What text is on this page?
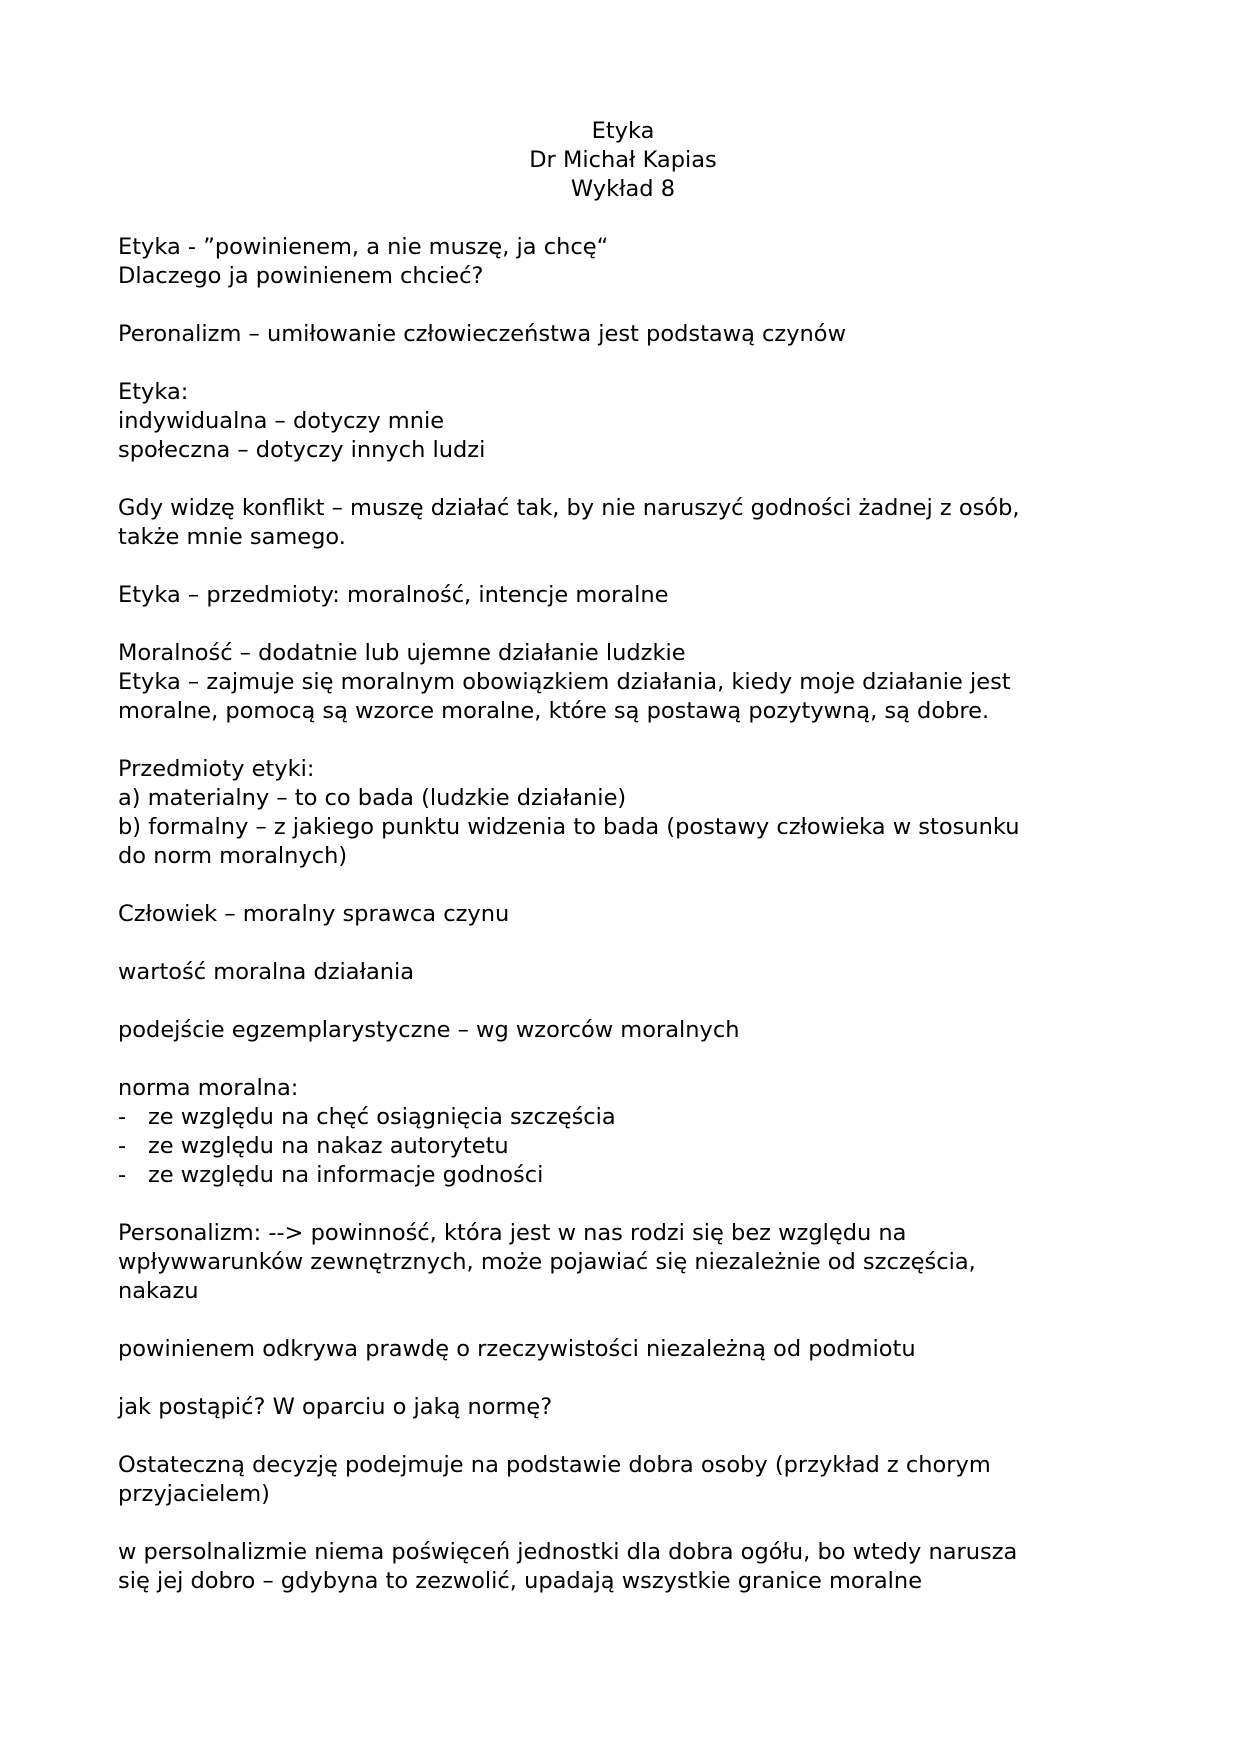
Etyka
Dr Michał Kapias
Wykład 8
Etyka - ”powinienem, a nie muszę, ja chcę“
Dlaczego ja powinienem chcieć?
Peronalizm – umiłowanie człowieczeństwa jest podstawą czynów
Etyka:
indywidualna – dotyczy mnie
społeczna – dotyczy innych ludzi
Gdy widzę konflikt – muszę działać tak, by nie naruszyć godności żadnej z osób,
także mnie samego.
Etyka – przedmioty: moralność, intencje moralne
Moralność – dodatnie lub ujemne działanie ludzkie
Etyka – zajmuje się moralnym obowiązkiem działania, kiedy moje działanie jest
moralne, pomocą są wzorce moralne, które są postawą pozytywną, są dobre.
Przedmioty etyki:
a) materialny – to co bada (ludzkie działanie)
b) formalny – z jakiego punktu widzenia to bada (postawy człowieka w stosunku
do norm moralnych)
Człowiek – moralny sprawca czynu
wartość moralna działania
podejście egzemplarystyczne – wg wzorców moralnych
norma moralna:
- ze względu na chęć osiągnięcia szczęścia
- ze względu na nakaz autorytetu
- ze względu na informacje godności
Personalizm: --> powinność, która jest w nas rodzi się bez względu na
wpływwarunków zewnętrznych, może pojawiać się niezależnie od szczęścia,
nakazu
powinienem odkrywa prawdę o rzeczywistości niezależną od podmiotu
jak postąpić? W oparciu o jaką normę?
Ostateczną decyzję podejmuje na podstawie dobra osoby (przykład z chorym
przyjacielem)
w persolnalizmie niema poświęceń jednostki dla dobra ogółu, bo wtedy narusza
się jej dobro – gdybyna to zezwolić, upadają wszystkie granice moralne
